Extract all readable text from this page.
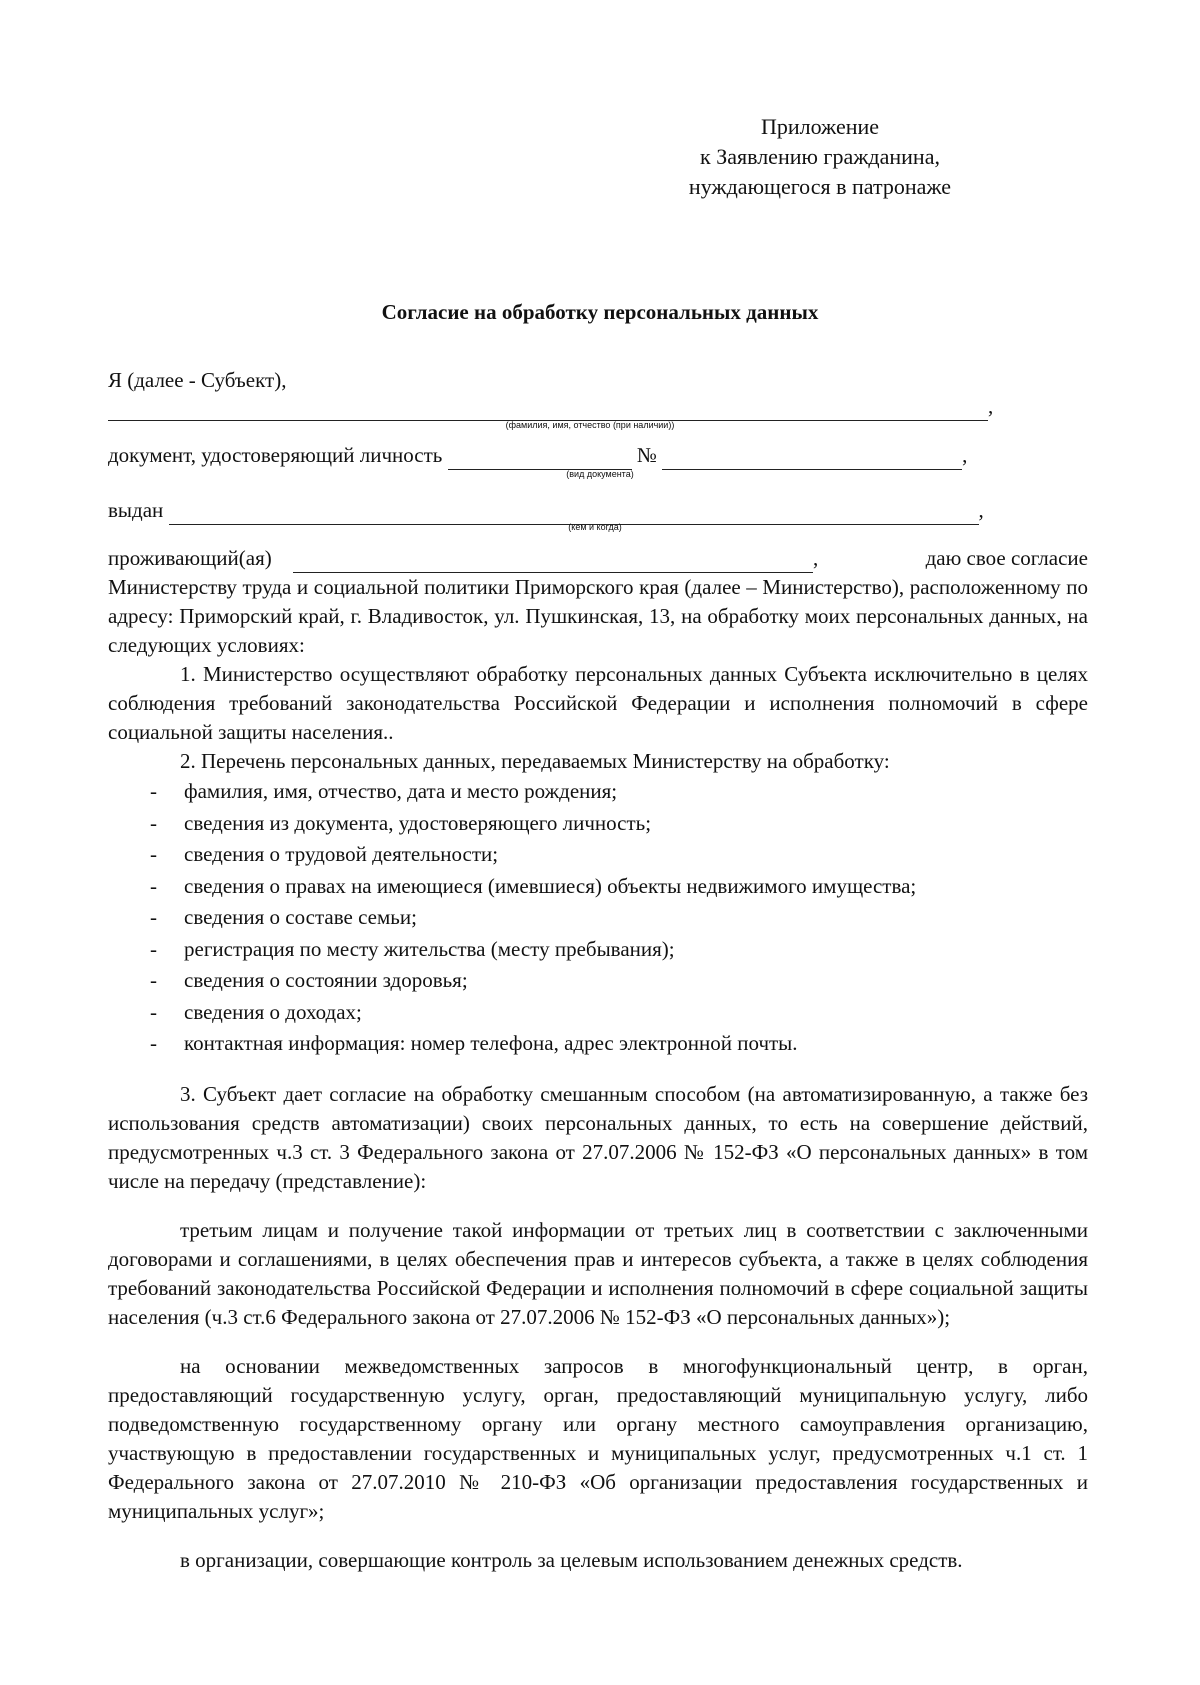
Приложение
к Заявлению гражданина,
нуждающегося в патронаже
Согласие на обработку персональных данных
Я (далее - Субъект),
,
(фамилия, имя, отчество (при наличии))
документ, удостоверяющий личность	№	,
(вид документа)
выдан	,
(кем и когда)
проживающий(ая)	,	даю свое согласие

Министерству труда и социальной политики Приморского края (далее – Министерство), расположенному по адресу: Приморский край, г. Владивосток, ул. Пушкинская, 13, на обработку моих персональных данных, на следующих условиях:

1. Министерство осуществляют обработку персональных данных Субъекта исключительно в целях соблюдения требований законодательства Российской Федерации и исполнения полномочий в сфере социальной защиты населения..

2. Перечень персональных данных, передаваемых Министерству на обработку:

- фамилия, имя, отчество, дата и место рождения;
- сведения из документа, удостоверяющего личность;
- сведения о трудовой деятельности;
- сведения о правах на имеющиеся (имевшиеся) объекты недвижимого имущества;
- сведения о составе семьи;
- регистрация по месту жительства (месту пребывания);
- сведения о состоянии здоровья;
- сведения о доходах;
- контактная информация: номер телефона, адрес электронной почты.

3. Субъект дает согласие на обработку смешанным способом (на автоматизированную, а также без использования средств автоматизации) своих персональных данных, то есть на совершение действий, предусмотренных ч.3 ст. 3 Федерального закона от 27.07.2006 № 152-ФЗ «О персональных данных» в том числе на передачу (представление):

третьим лицам и получение такой информации от третьих лиц в соответствии с заключенными договорами и соглашениями, в целях обеспечения прав и интересов субъекта, а также в целях соблюдения требований законодательства Российской Федерации и исполнения полномочий в сфере социальной защиты населения (ч.3 ст.6 Федерального закона от 27.07.2006 № 152-ФЗ «О персональных данных»);

на основании межведомственных запросов в многофункциональный центр, в орган, предоставляющий государственную услугу, орган, предоставляющий муниципальную услугу, либо подведомственную государственному органу или органу местного самоуправления организацию, участвующую в предоставлении государственных и муниципальных услуг, предусмотренных ч.1 ст. 1 Федерального закона от 27.07.2010 № 210-ФЗ «Об организации предоставления государственных и муниципальных услуг»;

в организации, совершающие контроль за целевым использованием денежных средств.
